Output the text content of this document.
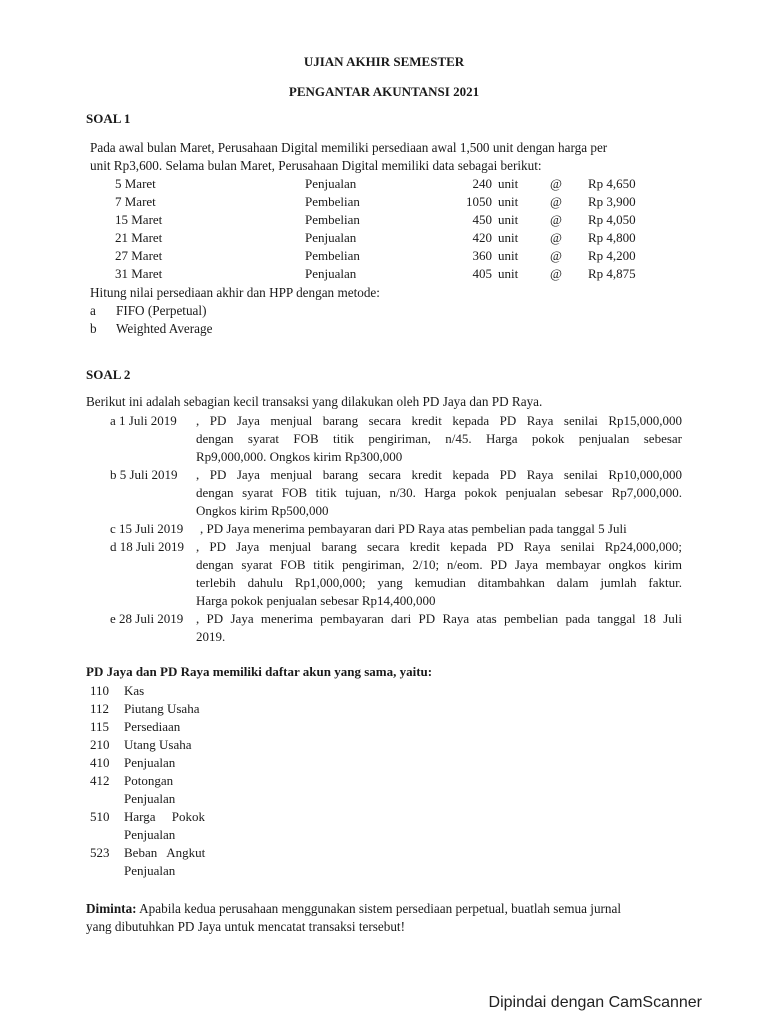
UJIAN AKHIR SEMESTER
PENGANTAR AKUNTANSI 2021
SOAL 1
Pada awal bulan Maret, Perusahaan Digital memiliki persediaan awal 1,500 unit dengan harga per
unit Rp3,600. Selama bulan Maret, Perusahaan Digital memiliki data sebagai berikut:
5 Maret	Penjualan	240 unit @ Rp 4,650
7 Maret	Pembelian	1050 unit @ Rp 3,900
15 Maret	Pembelian	450 unit @ Rp 4,050
21 Maret	Penjualan	420 unit @ Rp 4,800
27 Maret	Pembelian	360 unit @ Rp 4,200
31 Maret	Penjualan	405 unit @ Rp 4,875
Hitung nilai persediaan akhir dan HPP dengan metode:
a FIFO (Perpetual)
b Weighted Average
SOAL 2
Berikut ini adalah sebagian kecil transaksi yang dilakukan oleh PD Jaya dan PD Raya.
a 1 Juli 2019 , PD Jaya menjual barang secara kredit kepada PD Raya senilai Rp15,000,000
dengan syarat FOB titik pengiriman, n/45. Harga pokok penjualan sebesar
Rp9,000,000. Ongkos kirim Rp300,000
b 5 Juli 2019 , PD Jaya menjual barang secara kredit kepada PD Raya senilai Rp10,000,000
dengan syarat FOB titik tujuan, n/30. Harga pokok penjualan sebesar Rp7,000,000.
Ongkos kirim Rp500,000
c 15 Juli 2019 , PD Jaya menerima pembayaran dari PD Raya atas pembelian pada tanggal 5 Juli
d 18 Juli 2019 , PD Jaya menjual barang secara kredit kepada PD Raya senilai Rp24,000,000;
dengan syarat FOB titik pengiriman, 2/10; n/eom. PD Jaya membayar ongkos kirim
terlebih dahulu Rp1,000,000; yang kemudian ditambahkan dalam jumlah faktur.
Harga pokok penjualan sebesar Rp14,400,000
e 28 Juli 2019 , PD Jaya menerima pembayaran dari PD Raya atas pembelian pada tanggal 18 Juli
2019.
PD Jaya dan PD Raya memiliki daftar akun yang sama, yaitu:
110 Kas
112 Piutang Usaha
115 Persediaan
210 Utang Usaha
410 Penjualan
412 Potongan
Penjualan
510 Harga     Pokok
Penjualan
523 Beban   Angkut
Penjualan
Diminta: Apabila kedua perusahaan menggunakan sistem persediaan perpetual, buatlah semua jurnal
yang dibutuhkan PD Jaya untuk mencatat transaksi tersebut!
Dipindai dengan CamScanner
